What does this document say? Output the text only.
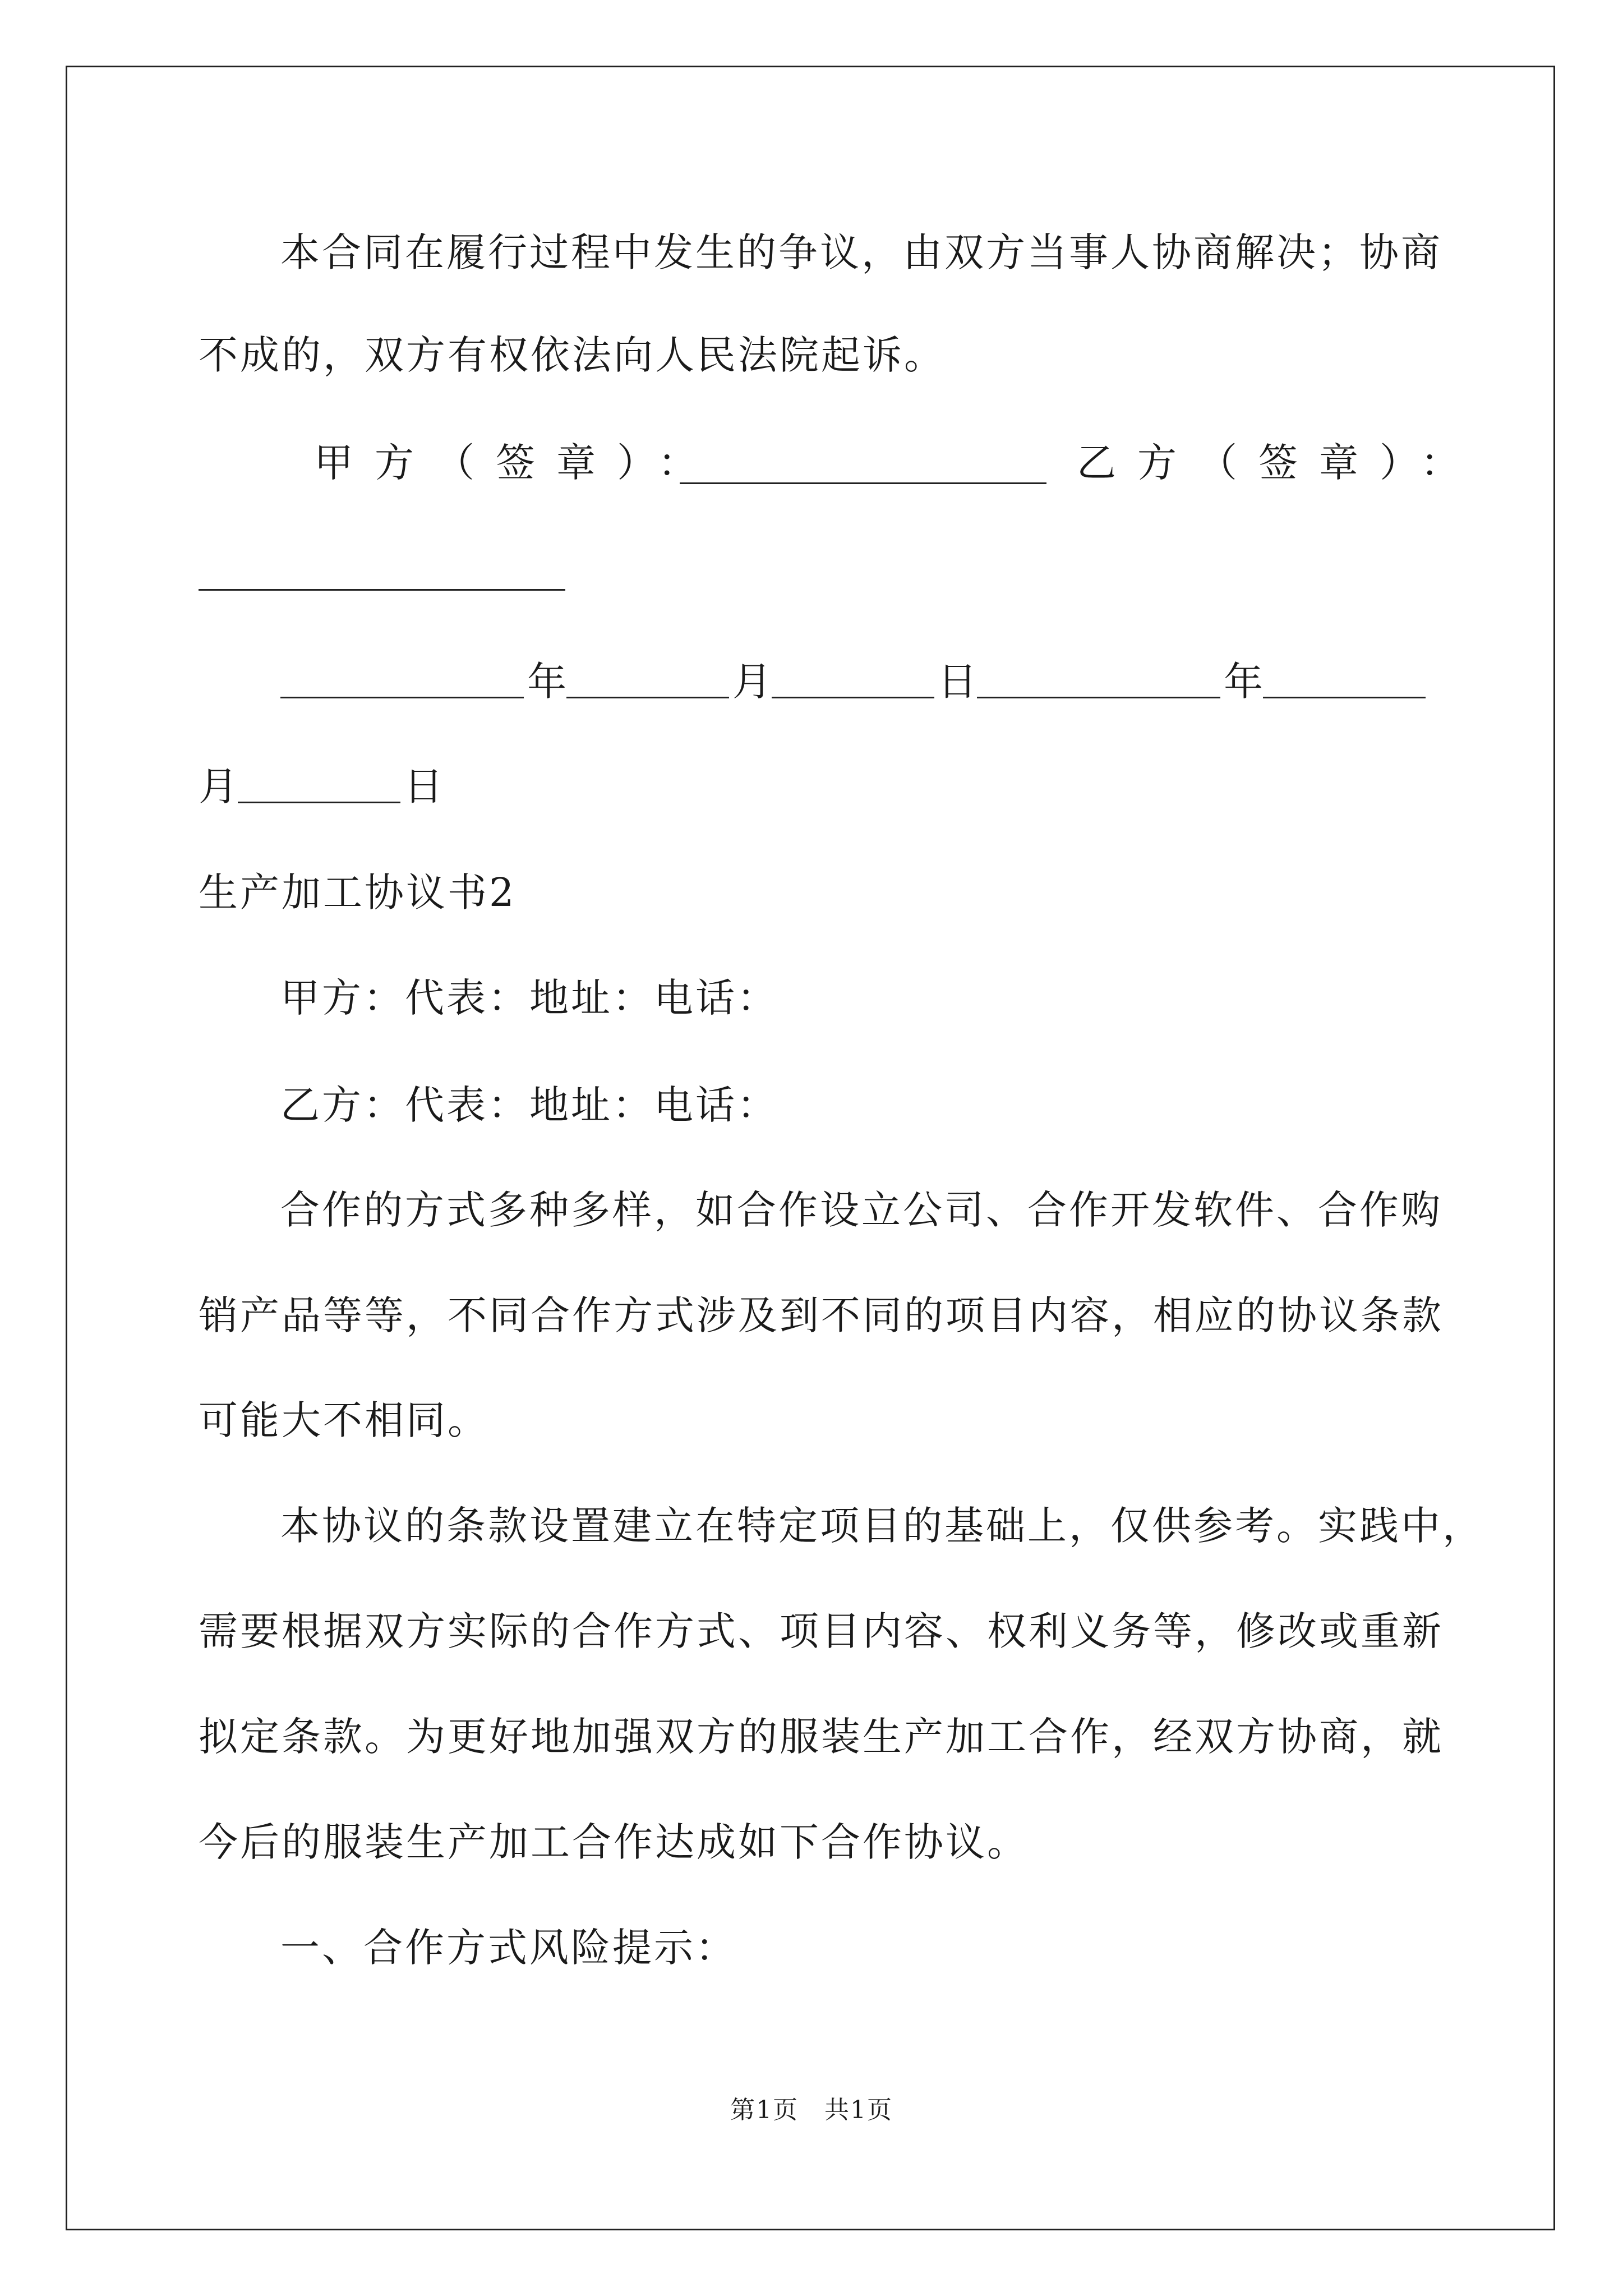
本合同在履行过程中发生的争议，由双方当事人协商解决；协商
不成的，双方有权依法向人民法院起诉。
甲方（签章）：	乙方（签章）：
年	月	日	年
月	日
生产加工协议书2
甲方：代表：地址：电话：
乙方：代表：地址：电话：
合作的方式多种多样，如合作设立公司、合作开发软件、合作购
销产品等等，不同合作方式涉及到不同的项目内容，相应的协议条款
可能大不相同。
本协议的条款设置建立在特定项目的基础上，仅供参考。实践中，
需要根据双方实际的合作方式、项目内容、权利义务等，修改或重新
拟定条款。为更好地加强双方的服装生产加工合作，经双方协商，就
今后的服装生产加工合作达成如下合作协议。
一、合作方式风险提示：
第1页　共1页
